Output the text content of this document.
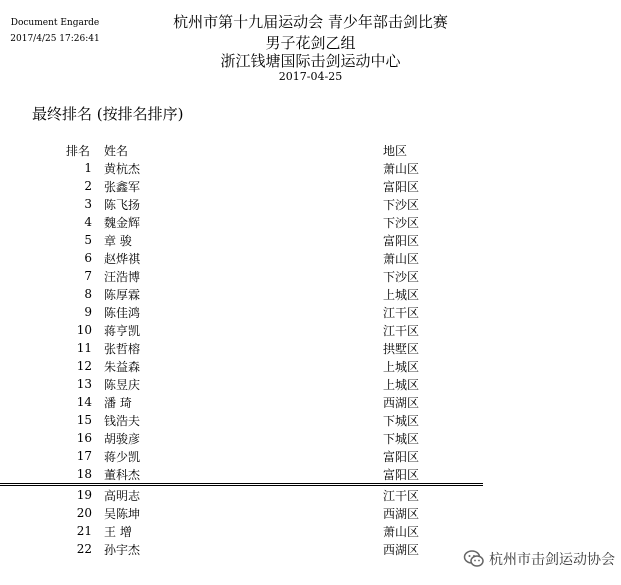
Document Engarde
2017/4/25 17:26:41
杭州市第十九届运动会 青少年部击剑比赛
男子花剑乙组
浙江钱塘国际击剑运动中心
2017-04-25
最终排名 (按排名排序)
排名		姓名	地区
1		黄杭杰	萧山区
2		张鑫军	富阳区
3		陈飞扬	下沙区
4		魏金辉	下沙区
5		章 骏	富阳区
6		赵烨祺	萧山区
7		汪浩博	下沙区
8		陈厚霖	上城区
9		陈佳鸿	江干区
10		蒋亨凯	江干区
11		张哲榕	拱墅区
12		朱益森	上城区
13		陈昱庆	上城区
14		潘 琦	西湖区
15		钱浩夫	下城区
16		胡骏彦	下城区
17		蒋少凯	富阳区
18		董科杰	富阳区
19		高明志	江干区
20		吴陈坤	西湖区
21		王 增	萧山区
22		孙宇杰	西湖区
杭州市击剑运动协会
